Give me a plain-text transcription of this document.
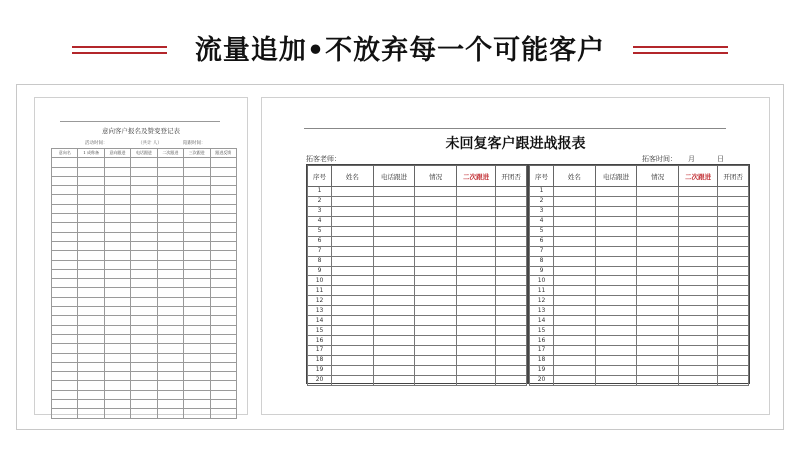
流量追加•不放弃每一个可能客户
意向客户报名及赞变登记表
活动时间：	（共计 人）	陪跟时间：
意向名	1 成称备	意向跟进	电话跟进	二次跟进	三次跟进	跟进反馈

未回复客户跟进战报表
拓客老师：	拓客时间： 月	日
序号	姓名	电话跟进	情况	二次跟进	开团否
1					
2					
3					
4					
5					
6					
7					
8					
9					
10					
11					
12					
13					
14					
15					
16					
17					
18					
19					
20					
序号	姓名	电话跟进	情况	二次跟进	开团否
1					
2					
3					
4					
5					
6					
7					
8					
9					
10					
11					
12					
13					
14					
15					
16					
17					
18					
19					
20					
